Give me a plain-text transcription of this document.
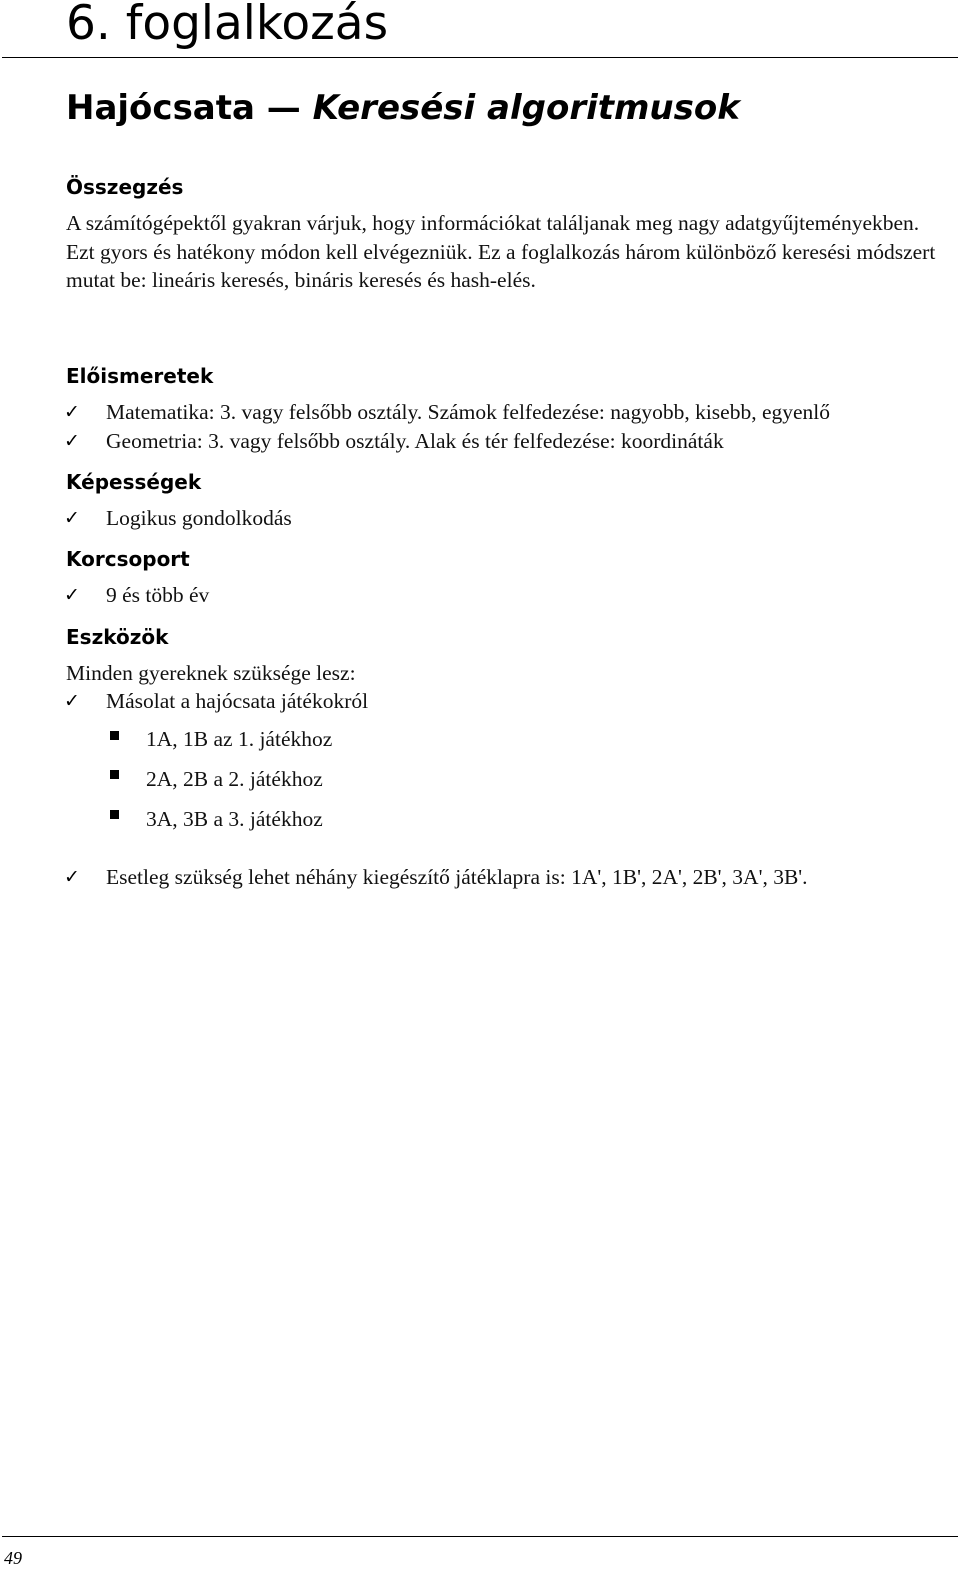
6. foglalkozás
Hajócsata — Keresési algoritmusok
Összegzés

A számítógépektől gyakran várjuk, hogy információkat találjanak meg nagy adatgyűjteményekben. Ezt gyors és hatékony módon kell elvégezniük. Ez a foglalkozás három különböző keresési módszert mutat be: lineáris keresés, bináris keresés és hash-elés.

Előismeretek
✓ Matematika: 3. vagy felsőbb osztály. Számok felfedezése: nagyobb, kisebb, egyenlő
✓ Geometria: 3. vagy felsőbb osztály. Alak és tér felfedezése: koordináták
Képességek
✓ Logikus gondolkodás
Korcsoport
✓ 9 és több év
Eszközök
Minden gyereknek szüksége lesz:
✓ Másolat a hajócsata játékokról
1A, 1B az 1. játékhoz
2A, 2B a 2. játékhoz
3A, 3B a 3. játékhoz
✓ Esetleg szükség lehet néhány kiegészítő játéklapra is: 1A', 1B', 2A', 2B', 3A', 3B'.
49
